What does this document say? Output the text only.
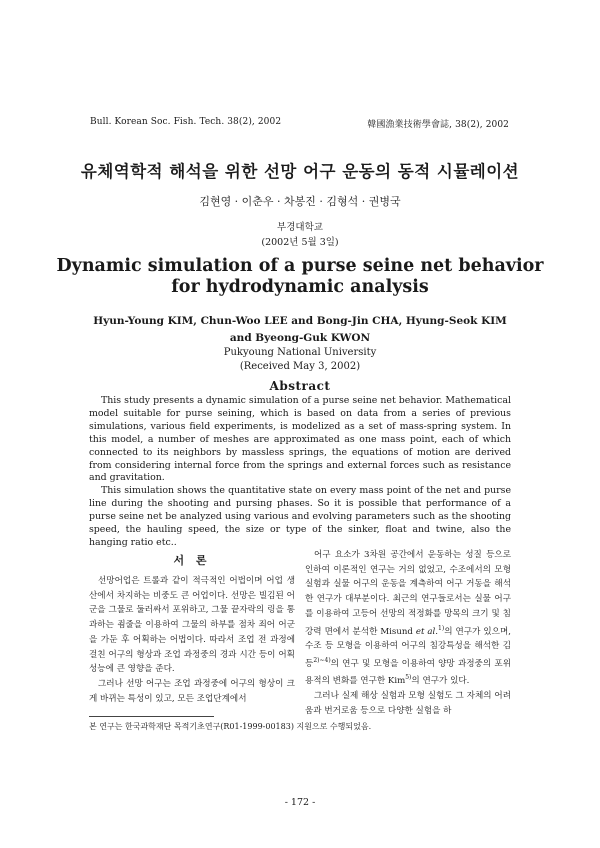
Bull. Korean Soc. Fish. Tech. 38(2), 2002	韓國漁業技術學會誌, 38(2), 2002
유체역학적 해석을 위한 선망 어구 운동의 동적 시뮬레이션
김현영 · 이춘우 · 차봉진 · 김형석 · 권병국
부경대학교
(2002년 5월 3일)
Dynamic simulation of a purse seine net behavior
for hydrodynamic analysis
Hyun-Young KIM, Chun-Woo LEE and Bong-Jin CHA, Hyung-Seok KIM
and Byeong-Guk KWON
Pukyoung National University
(Received May 3, 2002)
Abstract

This study presents a dynamic simulation of a purse seine net behavior. Mathematical model suitable for purse seining, which is based on data from a series of previous simulations, various field experiments, is modelized as a set of mass-spring system. In this model, a number of meshes are approximated as one mass point, each of which connected to its neighbors by massless springs, the equations of motion are derived from considering internal force from the springs and external forces such as resistance and gravitation.

This simulation shows the quantitative state on every mass point of the net and purse line during the shooting and pursing phases. So it is possible that performance of a purse seine net be analyzed using various and evolving parameters such as the shooting speed, the hauling speed, the size or type of the sinker, float and twine, also the hanging ratio etc..

서 론

선망어업은 트롤과 같이 적극적인 어법이며 어업 생산에서 차지하는 비중도 큰 어업이다. 선망은 빌김된 어군을 그물로 둘러싸서 포위하고, 그물 끝자락의 링을 통과하는 죔줄을 이용하여 그물의 하부를 점차 죄어 어군을 가둔 후 어획하는 어법이다. 따라서 조업 전 과정에 걸친 어구의 형상과 조업 과정중의 경과 시간 등이 어획 성능에 큰 영향을 준다.

그러나 선망 어구는 조업 과정중에 어구의 형상이 크게 바뀌는 특성이 있고, 모든 조업단계에서

어구 요소가 3차원 공간에서 운동하는 성질 등으로 인하여 이론적인 연구는 거의 없었고, 수조에서의 모형 실험과 실물 어구의 운동을 계측하여 어구 거동을 해석한 연구가 대부분이다. 최근의 연구들로서는 실물 어구를 이용하여 고등어 선망의 적정화를 망목의 크기 및 침강력 면에서 분석한 Misund et al.$^{1)}$의 연구가 있으며, 수조 등 모형을 이용하여 어구의 침강특성을 해석한 김 등$^{2)\sim 4)}$의 연구 및 모형을 이용하여 양망 과정중의 포위 용적의 변화를 연구한 Kim$^{5)}$의 연구가 있다.

그러나 실제 해상 실험과 모형 실험도 그 자체의 어려움과 번거로움 등으로 다양한 실험을 하

본 연구는 한국과학재단 목적기초연구(R01-1999-00183) 지원으로 수행되었음.
- 172 -
